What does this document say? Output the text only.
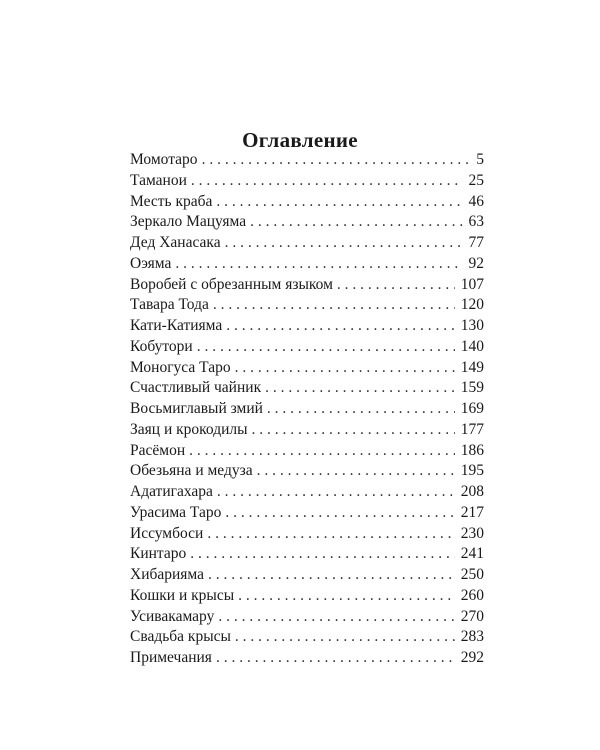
Оглавление
Момотаро . . .	5
Таманои . . .	25
Месть краба . . .	46
Зеркало Мацуяма . . .	63
Дед Ханасака . . .	77
Оэяма . . .	92
Воробей с обрезанным языком . . .	107
Тавара Тода . . .	120
Кати-Катияма . . .	130
Кобутори . . .	140
Моногуса Таро . . .	149
Счастливый чайник . . .	159
Восьмиглавый змий . . .	169
Заяц и крокодилы . . .	177
Расёмон . . .	186
Обезьяна и медуза . . .	195
Адатигахара . . .	208
Урасима Таро . . .	217
Иссумбоси . . .	230
Кинтаро . . .	241
Хибарияма . . .	250
Кошки и крысы . . .	260
Усивакамару . . .	270
Свадьба крысы . . .	283
Примечания . . .	292
